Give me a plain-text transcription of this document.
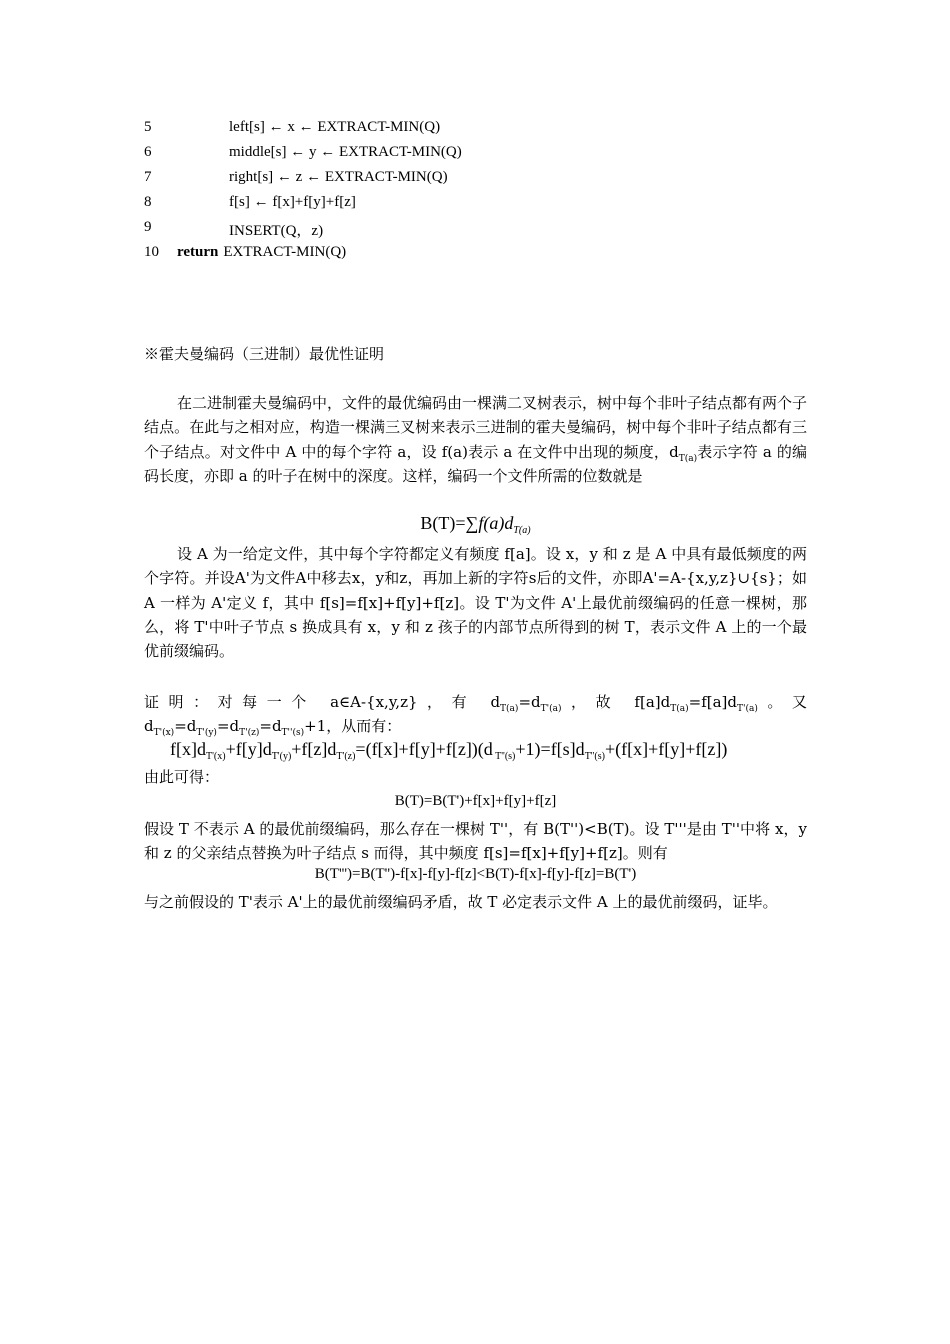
5	left[s] ← x ← EXTRACT-MIN(Q)
6	middle[s] ← y ← EXTRACT-MIN(Q)
7	right[s] ← z ← EXTRACT-MIN(Q)
8	f[s] ← f[x]+f[y]+f[z]
9	INSERT(Q，z)
10 return EXTRACT-MIN(Q)
※霍夫曼编码（三进制）最优性证明
在二进制霍夫曼编码中，文件的最优编码由一棵满二叉树表示，树中每个非叶子结点都有两个子结点。在此与之相对应，构造一棵满三叉树来表示三进制的霍夫曼编码，树中每个非叶子结点都有三个子结点。对文件中 A 中的每个字符 a，设 f(a)表示 a 在文件中出现的频度，$d_{T(a)}$表示字符 a 的编码长度，亦即 a 的叶子在树中的深度。这样，编码一个文件所需的位数就是
$B(T)=\sum f(a)d_{T(a)}$
设 A 为一给定文件，其中每个字符都定义有频度 f[a]。设 x，y 和 z 是 A 中具有最低频度的两个字符。并设A'为文件A中移去x，y和z，再加上新的字符s后的文件，亦即A'=A-{x,y,z}∪{s}；如 A 一样为 A'定义 f，其中 f[s]=f[x]+f[y]+f[z]。设 T'为文件 A'上最优前缀编码的任意一棵树，那么，将 T'中叶子节点 s 换成具有 x，y 和 z 孩子的内部节点所得到的树 T，表示文件 A 上的一个最优前缀编码。
证明：对每一个 a∈A-{x,y,z}，有 $d_{T(a)}=d_{T'(a)}$，故 $f[a]d_{T(a)}=f[a]d_{T'(a)}$。又 $d_{T'(x)}=d_{T'(y)}=d_{T'(z)}=d_{T''(s)}+1$，从而有：
$f[x]d_{T'(x)}+f[y]d_{T'(y)}+f[z]d_{T'(z)}=(f[x]+f[y]+f[z])(d$ $_{T''(s)}+1)=f[s]d_{T''(s)}+(f[x]+f[y]+f[z])$
由此可得：
B(T)=B(T')+f[x]+f[y]+f[z]
假设 T 不表示 A 的最优前缀编码，那么存在一棵树 T''，有 B(T'')<B(T)。设 T'''是由 T''中将 x，y 和 z 的父亲结点替换为叶子结点 s 而得，其中频度 f[s]=f[x]+f[y]+f[z]。则有
B(T''')=B(T'')-f[x]-f[y]-f[z]<B(T)-f[x]-f[y]-f[z]=B(T')
与之前假设的 T'表示 A'上的最优前缀编码矛盾，故 T 必定表示文件 A 上的最优前缀码，证毕。
